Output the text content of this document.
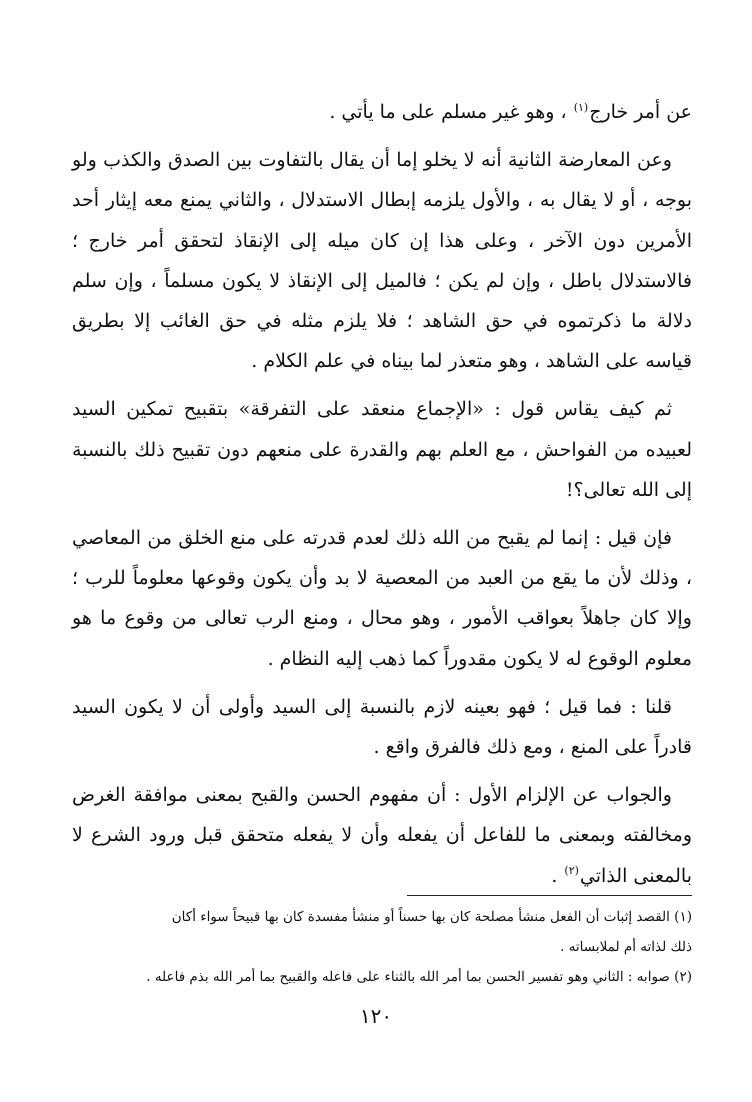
عن أمر خارج$^{(١)}$ ، وهو غير مسلم على ما يأتي .

وعن المعارضة الثانية أنه لا يخلو إما أن يقال بالتفاوت بين الصدق والكذب ولو بوجه ، أو لا يقال به ، والأول يلزمه إبطال الاستدلال ، والثاني يمنع معه إيثار أحد الأمرين دون الآخر ، وعلى هذا إن كان ميله إلى الإنقاذ لتحقق أمر خارج ؛ فالاستدلال باطل ، وإن لم يكن ؛ فالميل إلى الإنقاذ لا يكون مسلماً ، وإن سلم دلالة ما ذكرتموه في حق الشاهد ؛ فلا يلزم مثله في حق الغائب إلا بطريق قياسه على الشاهد ، وهو متعذر لما بيناه في علم الكلام .

ثم كيف يقاس قول : «الإجماع منعقد على التفرقة» بتقبيح تمكين السيد لعبيده من الفواحش ، مع العلم بهم والقدرة على منعهم دون تقبيح ذلك بالنسبة إلى الله تعالى؟!

فإن قيل : إنما لم يقبح من الله ذلك لعدم قدرته على منع الخلق من المعاصي ، وذلك لأن ما يقع من العبد من المعصية لا بد وأن يكون وقوعها معلوماً للرب ؛ وإلا كان جاهلاً بعواقب الأمور ، وهو محال ، ومنع الرب تعالى من وقوع ما هو معلوم الوقوع له لا يكون مقدوراً كما ذهب إليه النظام .

قلنا : فما قيل ؛ فهو بعينه لازم بالنسبة إلى السيد وأولى أن لا يكون السيد قادراً على المنع ، ومع ذلك فالفرق واقع .

والجواب عن الإلزام الأول : أن مفهوم الحسن والقبح بمعنى موافقة الغرض ومخالفته وبمعنى ما للفاعل أن يفعله وأن لا يفعله متحقق قبل ورود الشرع لا بالمعنى الذاتي$^{(٢)}$ .

(١) القصد إثبات أن الفعل منشأ مصلحة كان بها حسناً أو منشأ مفسدة كان بها قبيحاً سواء أكان

ذلك لذاته أم لملابساته .

(٢) صوابه : الثاني وهو تفسير الحسن بما أمر الله بالثناء على فاعله والقبيح بما أمر الله بذم فاعله .

١٢٠
